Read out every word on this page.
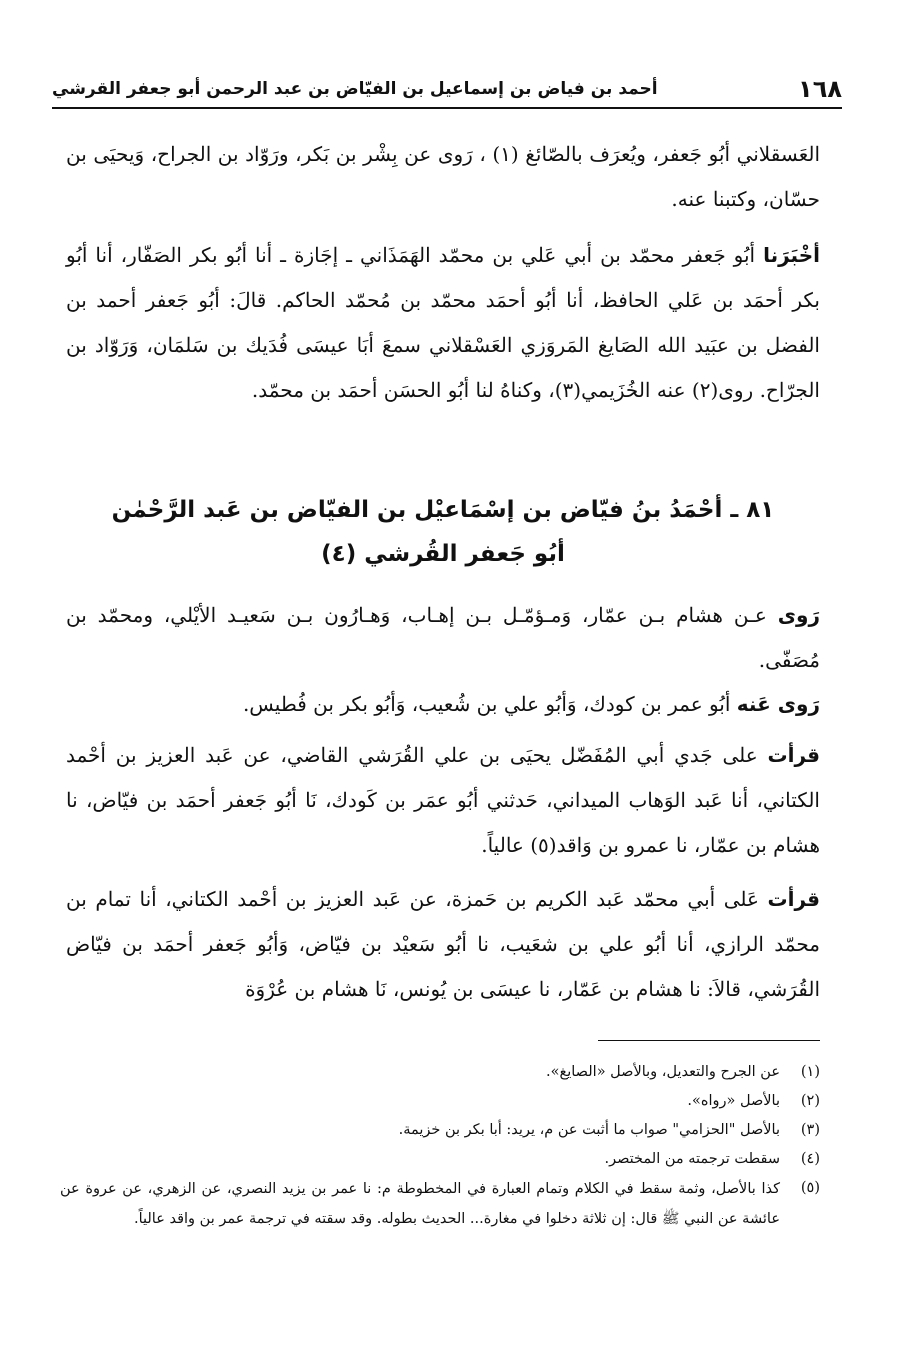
١٦٨
أحمد بن فياض بن إسماعيل بن الفيّاض بن عبد الرحمن أبو جعفر القرشي
العَسقلاني أبُو جَعفر، ويُعرَف بالصّائغ (١) ، رَوى عن بِشْر بن بَكر، ورَوّاد بن الجراح، وَيحيَى بن حسّان، وكتبنا عنه.
أخْبَرَنا أبُو جَعفر محمّد بن أبي عَلي بن محمّد الهَمَذَاني ـ إجَازة ـ أنا أبُو بكر الصَفّار، أنا أبُو بكر أحمَد بن عَلي الحافظ، أنا أبُو أحمَد محمّد بن مُحمّد الحاكم. قالَ: أبُو جَعفر أحمد بن الفضل بن عبَيد الله الصَايغ المَروَزي العَسْقلاني سمعَ أبَا عيسَى فُدَيك بن سَلمَان، وَرَوّاد بن الجرّاح. روى(٢) عنه الخُزَيمي(٣)، وكناهُ لنا أبُو الحسَن أحمَد بن محمّد.
٨١ ـ أحْمَدُ بنُ فيّاض بن إسْمَاعيْل بن الفيّاض بن عَبد الرَّحْمٰن
أبُو جَعفر القُرشي (٤)
رَوى عـن هشام بـن عمّار، وَمـؤمّـل بـن إهـاب، وَهـارُون بـن سَعيـد الأيْلي، ومحمّد بن مُصَفّى.
رَوى عَنه أبُو عمر بن كودك، وَأبُو علي بن شُعيب، وَأبُو بكر بن فُطيس.
قرأت على جَدي أبي المُفَضّل يحيَى بن علي القُرَشي القاضي، عن عَبد العزيز بن أحْمد الكتاني، أنا عَبد الوَهاب الميداني، حَدثني أبُو عمَر بن كَودك، نَا أبُو جَعفر أحمَد بن فيّاض، نا هشام بن عمّار، نا عمرو بن وَاقد(٥) عالياً.
قرأت عَلى أبي محمّد عَبد الكريم بن حَمزة، عن عَبد العزيز بن أحْمد الكتاني، أنا تمام بن محمّد الرازي، أنا أبُو علي بن شعَيب، نا أبُو سَعيْد بن فيّاض، وَأبُو جَعفر أحمَد بن فيّاض القُرَشي، قالاَ: نا هشام بن عَمّار، نا عيسَى بن يُونس، نَا هشام بن عُرْوَة
(١)
عن الجرح والتعديل، وبالأصل «الصايغ».
(٢)
بالأصل «رواه».
(٣)
بالأصل "الحزامي" صواب ما أثبت عن م، يريد: أبا بكر بن خزيمة.
(٤)
سقطت ترجمته من المختصر.
(٥)
كذا بالأصل، وثمة سقط في الكلام وتمام العبارة في المخطوطة م: نا عمر بن يزيد النصري، عن الزهري، عن عروة عن عائشة عن النبي ﷺ قال: إن ثلاثة دخلوا في مغارة... الحديث بطوله. وقد سقته في ترجمة عمر بن واقد عالياً.
